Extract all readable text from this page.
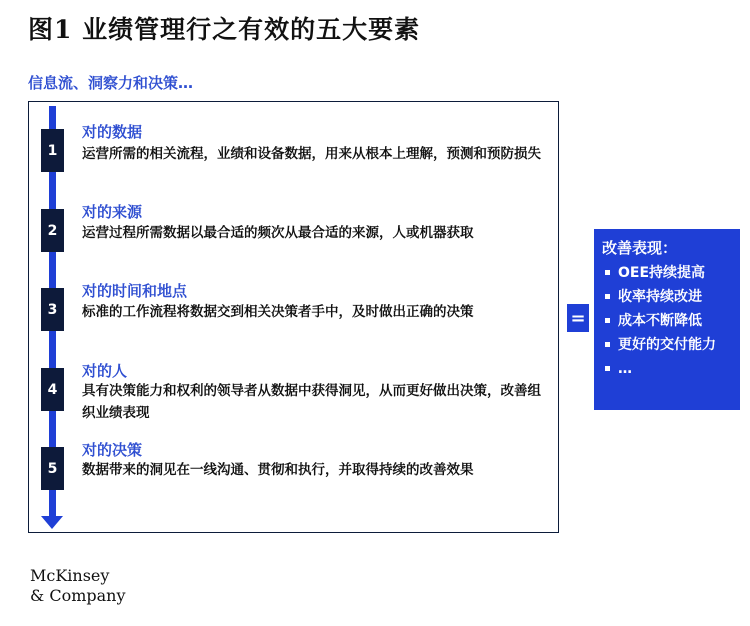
图1 业绩管理行之有效的五大要素
信息流、洞察力和决策…
1
对的数据
运营所需的相关流程，业绩和设备数据，用来从根本上理解，预测和预防损失
2
对的来源
运营过程所需数据以最合适的频次从最合适的来源，人或机器获取
3
对的时间和地点
标准的工作流程将数据交到相关决策者手中，及时做出正确的决策
4
对的人
具有决策能力和权利的领导者从数据中获得洞见，从而更好做出决策，改善组织业绩表现
5
对的决策
数据带来的洞见在一线沟通、贯彻和执行，并取得持续的改善效果
=
改善表现：
OEE持续提高
收率持续改进
成本不断降低
更好的交付能力
…
McKinsey
& Company
